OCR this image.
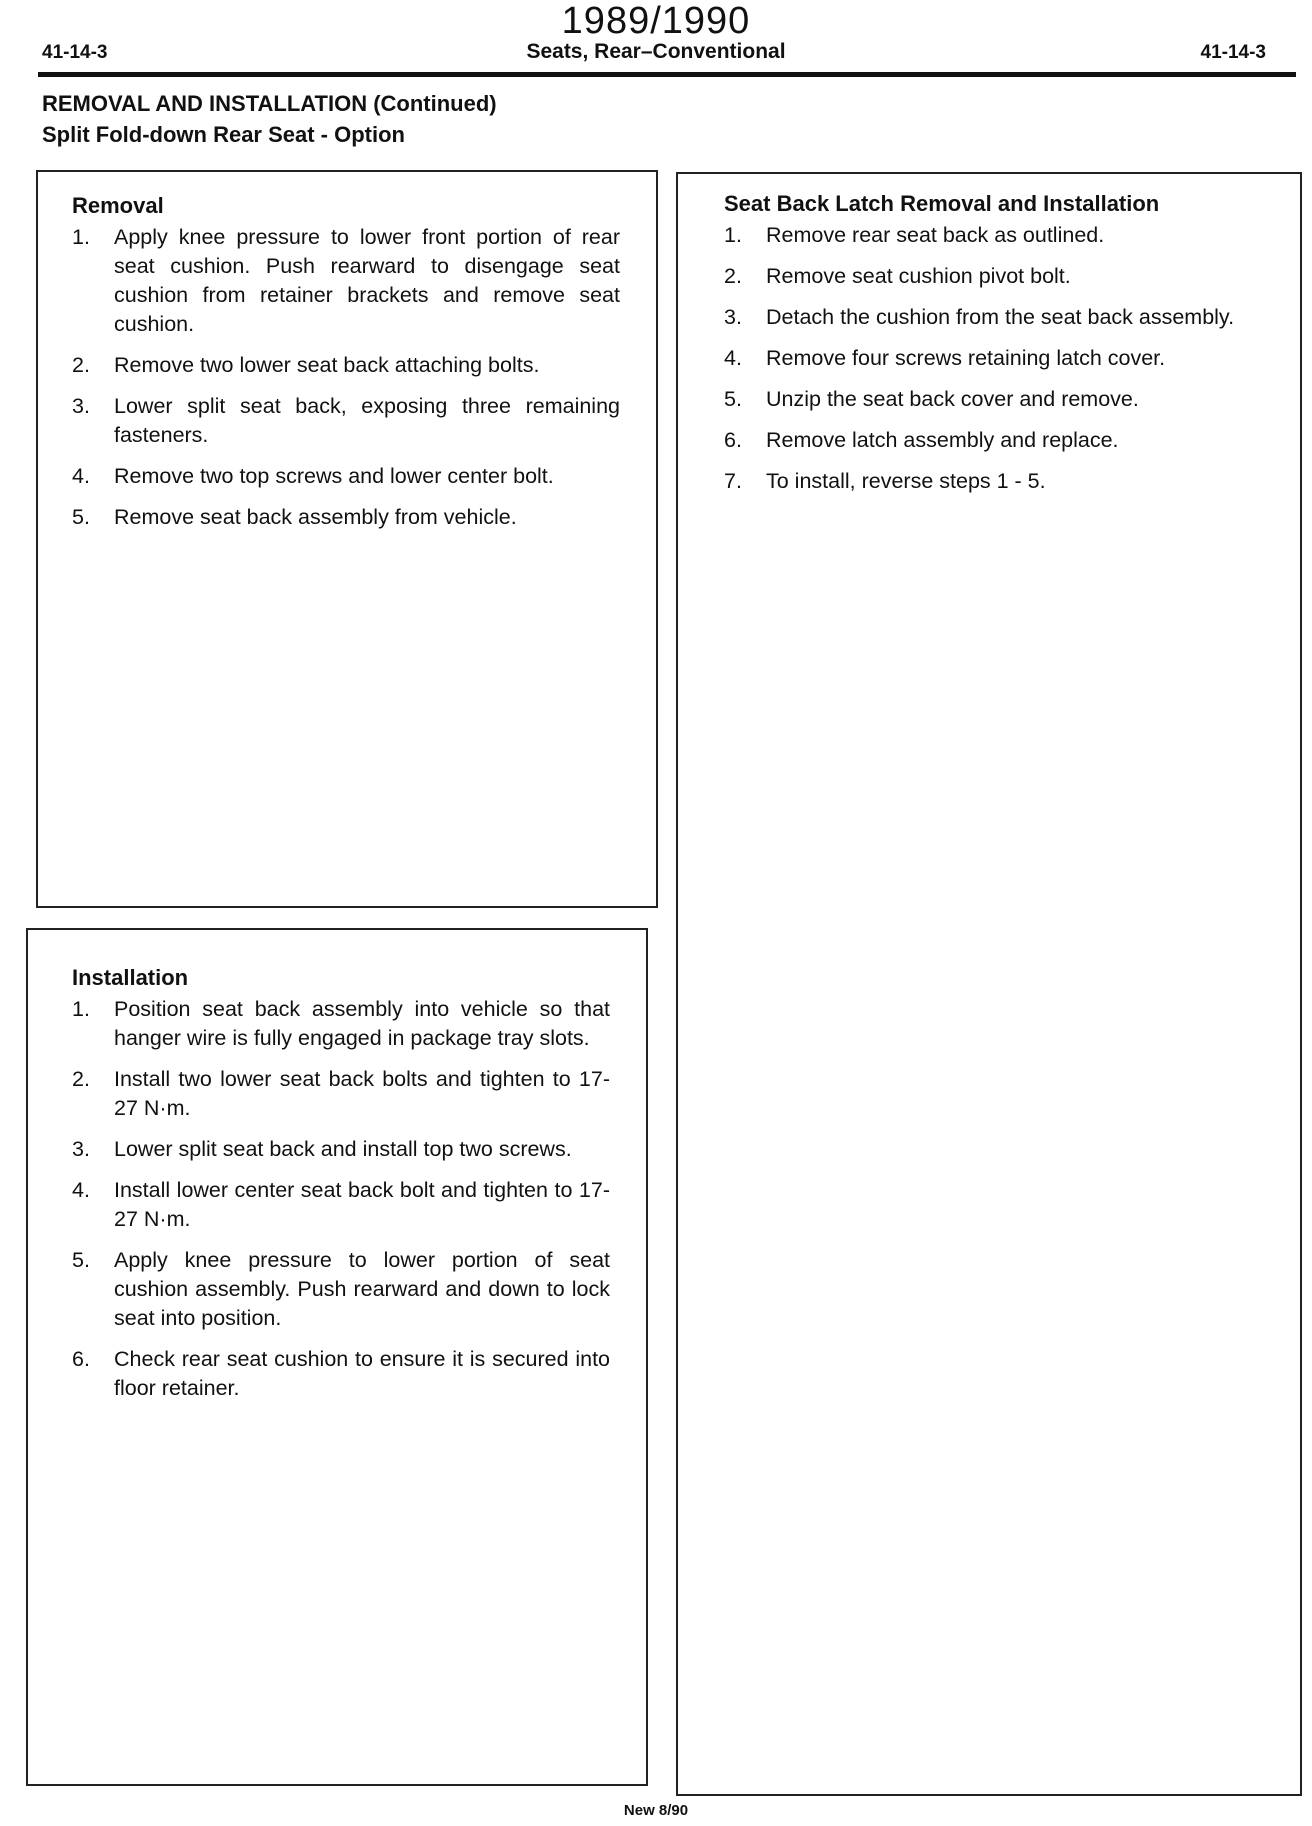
1989/1990
41-14-3	Seats, Rear–Conventional	41-14-3
REMOVAL AND INSTALLATION (Continued)
Split Fold-down Rear Seat - Option
Removal
1.	Apply knee pressure to lower front portion of rear seat cushion. Push rearward to disengage seat cushion from retainer brackets and remove seat cushion.
2.	Remove two lower seat back attaching bolts.
3.	Lower split seat back, exposing three remaining fasteners.
4.	Remove two top screws and lower center bolt.
5.	Remove seat back assembly from vehicle.
Installation
1.	Position seat back assembly into vehicle so that hanger wire is fully engaged in package tray slots.
2.	Install two lower seat back bolts and tighten to 17-27 N·m.
3.	Lower split seat back and install top two screws.
4.	Install lower center seat back bolt and tighten to 17-27 N·m.
5.	Apply knee pressure to lower portion of seat cushion assembly. Push rearward and down to lock seat into position.
6.	Check rear seat cushion to ensure it is secured into floor retainer.
Seat Back Latch Removal and Installation
1.	Remove rear seat back as outlined.
2.	Remove seat cushion pivot bolt.
3.	Detach the cushion from the seat back assembly.
4.	Remove four screws retaining latch cover.
5.	Unzip the seat back cover and remove.
6.	Remove latch assembly and replace.
7.	To install, reverse steps 1 - 5.
New 8/90
